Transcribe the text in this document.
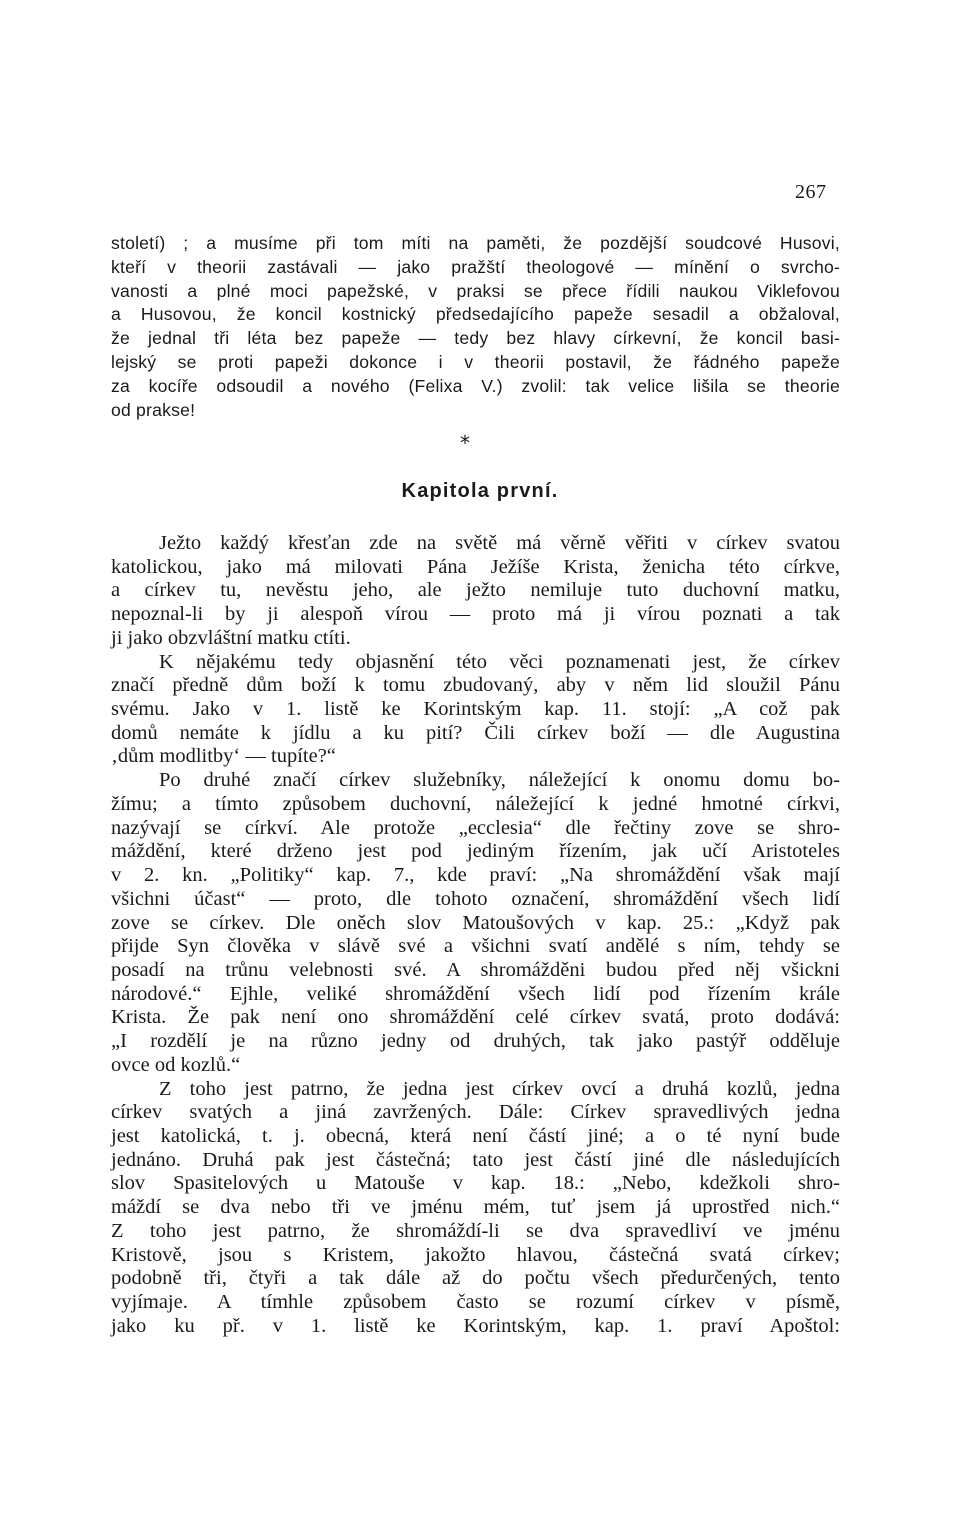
267
století) ; a musíme při tom míti na paměti, že pozdější soudcové Husovi,
kteří v theorii zastávali — jako pražští theologové — mínění o svrcho-
vanosti a plné moci papežské, v praksi se přece řídili naukou Viklefovou
a Husovou, že koncil kostnický předsedajícího papeže sesadil a obžaloval,
že jednal tři léta bez papeže — tedy bez hlavy církevní, že koncil basi-
lejský se proti papeži dokonce i v theorii postavil, že řádného papeže
za kocíře odsoudil a nového (Felixa V.) zvolil: tak velice lišila se theorie
od prakse!
*
Kapitola první.
Ježto každý křesťan zde na světě má věrně věřiti v církev svatou
katolickou, jako má milovati Pána Ježíše Krista, ženicha této církve,
a církev tu, nevěstu jeho, ale ježto nemiluje tuto duchovní matku,
nepoznal-li by ji alespoň vírou — proto má ji vírou poznati a tak
ji jako obzvláštní matku ctíti.
K nějakému tedy objasnění této věci poznamenati jest, že církev
značí předně dům boží k tomu zbudovaný, aby v něm lid sloužil Pánu
svému. Jako v 1. listě ke Korintským kap. 11. stojí: „A což pak
domů nemáte k jídlu a ku pití? Čili církev boží — dle Augustina
‚dům modlitby‘ — tupíte?“
Po druhé značí církev služebníky, náležející k onomu domu bo-
žímu; a tímto způsobem duchovní, náležející k jedné hmotné církvi,
nazývají se církví. Ale protože „ecclesia“ dle řečtiny zove se shro-
máždění, které drženo jest pod jediným řízením, jak učí Aristoteles
v 2. kn. „Politiky“ kap. 7., kde praví: „Na shromáždění však mají
všichni účast“ — proto, dle tohoto označení, shromáždění všech lidí
zove se církev. Dle oněch slov Matoušových v kap. 25.: „Když pak
přijde Syn člověka v slávě své a všichni svatí andělé s ním, tehdy se
posadí na trůnu velebnosti své. A shromážděni budou před něj všickni
národové.“ Ejhle, veliké shromáždění všech lidí pod řízením krále
Krista. Že pak není ono shromáždění celé církev svatá, proto dodává:
„I rozdělí je na různo jedny od druhých, tak jako pastýř odděluje
ovce od kozlů.“
Z toho jest patrno, že jedna jest církev ovcí a druhá kozlů, jedna
církev svatých a jiná zavržených. Dále: Církev spravedlivých jedna
jest katolická, t. j. obecná, která není částí jiné; a o té nyní bude
jednáno. Druhá pak jest částečná; tato jest částí jiné dle následujících
slov Spasitelových u Matouše v kap. 18.: „Nebo, kdežkoli shro-
máždí se dva nebo tři ve jménu mém, tuť jsem já uprostřed nich.“
Z toho jest patrno, že shromáždí-li se dva spravedliví ve jménu
Kristově, jsou s Kristem, jakožto hlavou, částečná svatá církev;
podobně tři, čtyři a tak dále až do počtu všech předurčených, tento
vyjímaje. A tímhle způsobem často se rozumí církev v písmě,
jako ku př. v 1. listě ke Korintským, kap. 1. praví Apoštol:
